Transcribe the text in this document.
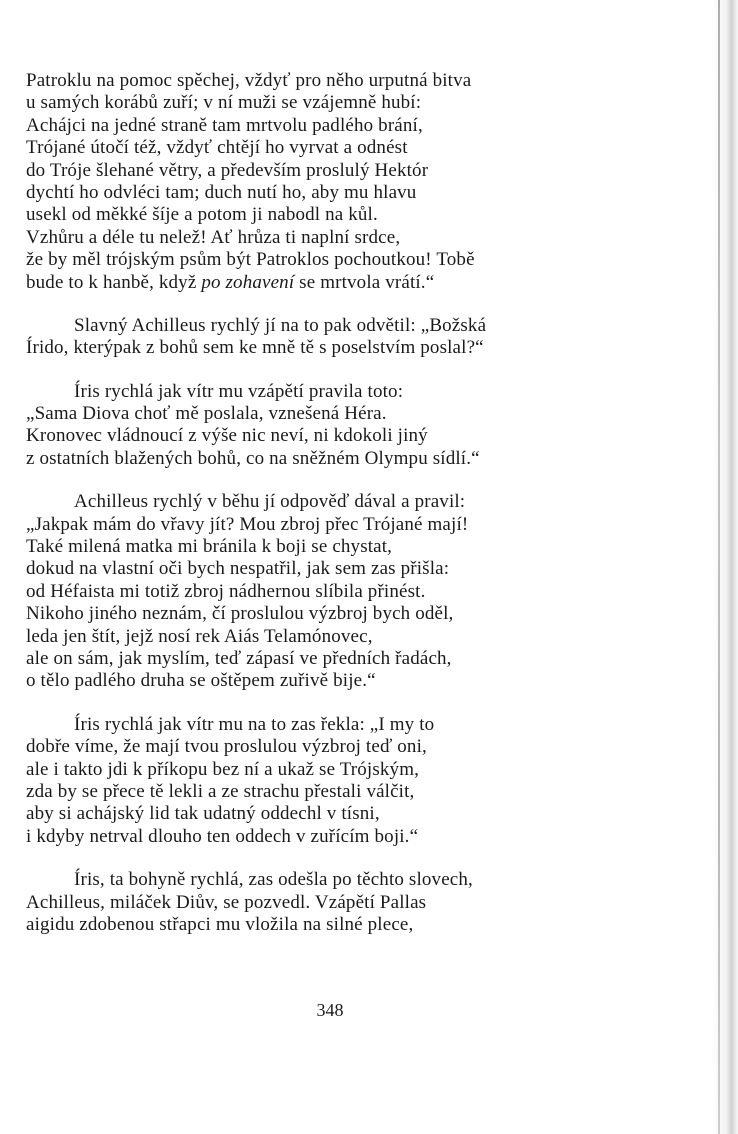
Patroklu na pomoc spěchej, vždyť pro něho urputná bitva
u samých korábů zuří; v ní muži se vzájemně hubí:
Achájci na jedné straně tam mrtvolu padlého brání,
Trójané útočí též, vždyť chtějí ho vyrvat a odnést
do Tróje šlehané větry, a především proslulý Hektór
dychtí ho odvléci tam; duch nutí ho, aby mu hlavu
usekl od měkké šíje a potom ji nabodl na kůl.
Vzhůru a déle tu nelež! Ať hrůza ti naplní srdce,
že by měl trójským psům být Patroklos pochoutkou! Tobě
bude to k hanbě, když po zohavení se mrtvola vrátí.“
Slavný Achilleus rychlý jí na to pak odvětil: „Božská
Írido, kterýpak z bohů sem ke mně tě s poselstvím poslal?“
Íris rychlá jak vítr mu vzápětí pravila toto:
„Sama Diova choť mě poslala, vznešená Héra.
Kronovec vládnoucí z výše nic neví, ni kdokoli jiný
z ostatních blažených bohů, co na sněžném Olympu sídlí.“
Achilleus rychlý v běhu jí odpověď dával a pravil:
„Jakpak mám do vřavy jít? Mou zbroj přec Trójané mají!
Také milená matka mi bránila k boji se chystat,
dokud na vlastní oči bych nespatřil, jak sem zas přišla:
od Héfaista mi totiž zbroj nádhernou slíbila přinést.
Nikoho jiného neznám, čí proslulou výzbroj bych oděl,
leda jen štít, jejž nosí rek Aiás Telamónovec,
ale on sám, jak myslím, teď zápasí ve předních řadách,
o tělo padlého druha se oštěpem zuřivě bije.“
Íris rychlá jak vítr mu na to zas řekla: „I my to
dobře víme, že mají tvou proslulou výzbroj teď oni,
ale i takto jdi k příkopu bez ní a ukaž se Trójským,
zda by se přece tě lekli a ze strachu přestali válčit,
aby si achájský lid tak udatný oddechl v tísni,
i kdyby netrval dlouho ten oddech v zuřícím boji.“
Íris, ta bohyně rychlá, zas odešla po těchto slovech,
Achilleus, miláček Diův, se pozvedl. Vzápětí Pallas
aigidu zdobenou střapci mu vložila na silné plece,
348
